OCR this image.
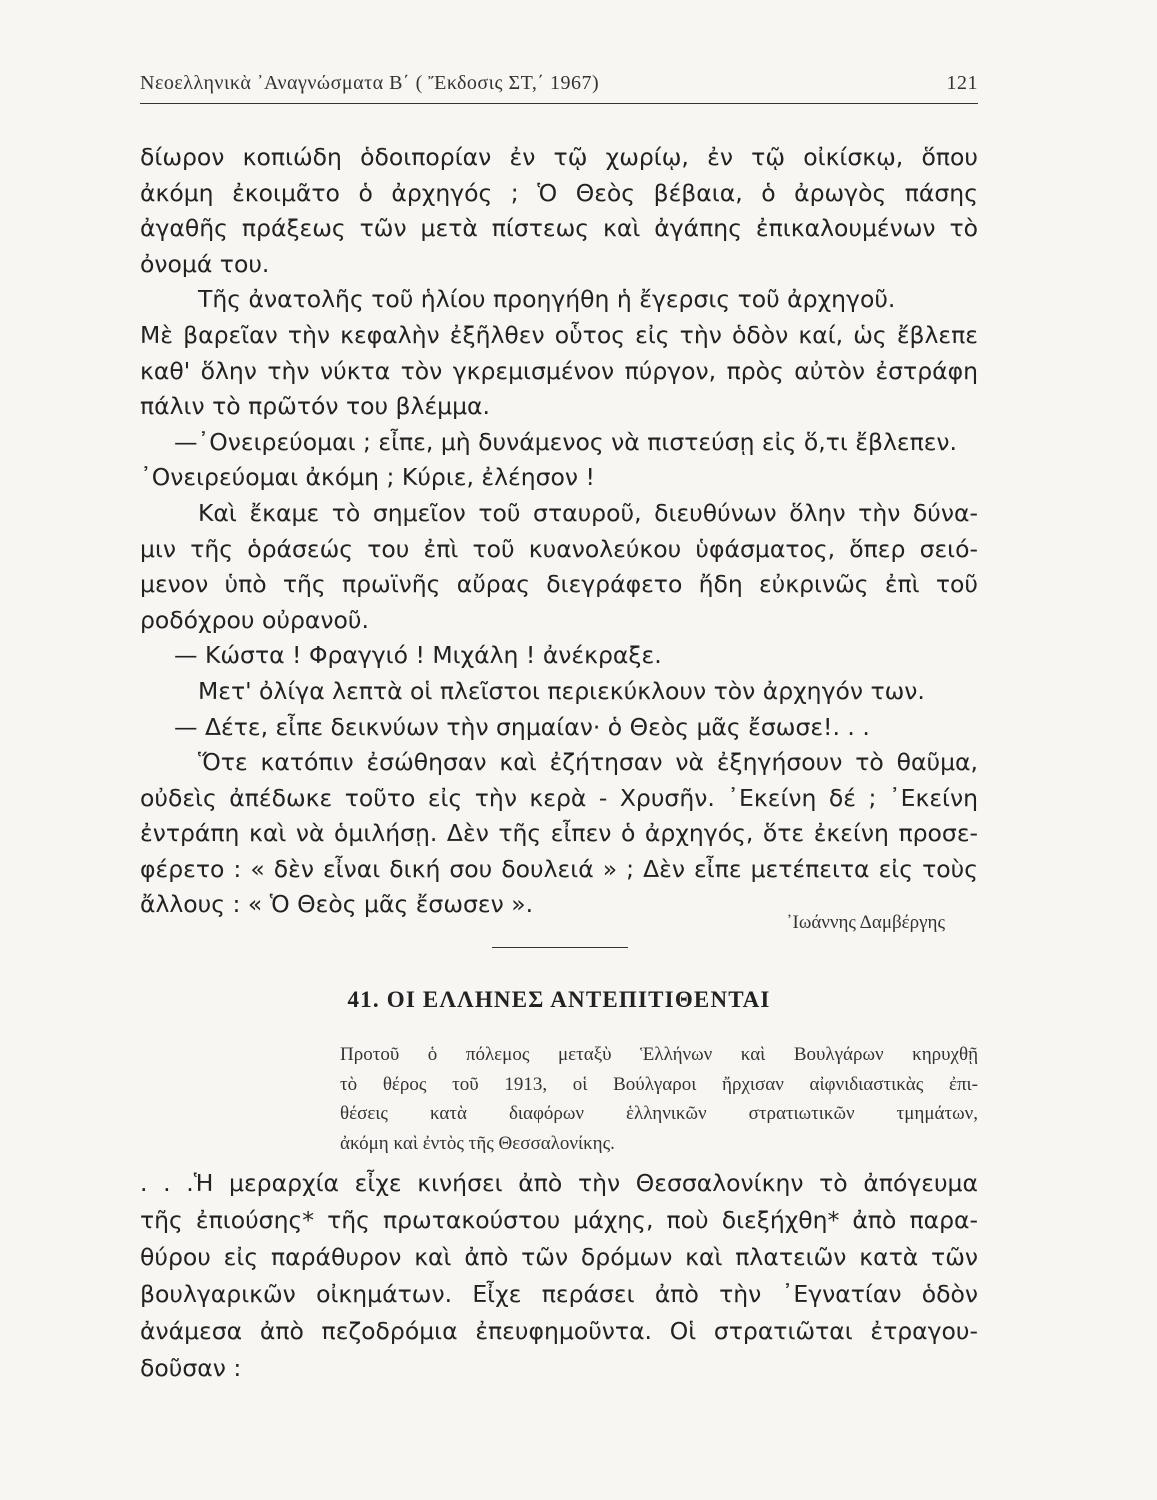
Νεοελληνικὰ ᾿Αναγνώσματα Β΄ ( Ἔκδοσις ΣΤ,΄ 1967)	121
δίωρον κοπιώδη ὁδοιπορίαν ἐν τῷ χωρίῳ, ἐν τῷ οἰκίσκῳ, ὅπου
ἀκόμη ἐκοιμᾶτο ὁ ἀρχηγός ; Ὁ Θεὸς βέβαια, ὁ ἀρωγὸς πάσης
ἀγαθῆς πράξεως τῶν μετὰ πίστεως καὶ ἀγάπης ἐπικαλουμένων τὸ
ὀνομά του.
Τῆς ἀνατολῆς τοῦ ἡλίου προηγήθη ἡ ἔγερσις τοῦ ἀρχηγοῦ.
Μὲ βαρεῖαν τὴν κεφαλὴν ἐξῆλθεν οὗτος εἰς τὴν ὁδὸν καί, ὡς ἔβλεπε
καθ' ὅλην τὴν νύκτα τὸν γκρεμισμένον πύργον, πρὸς αὐτὸν ἐστράφη
πάλιν τὸ πρῶτόν του βλέμμα.
—᾿Ονειρεύομαι ; εἶπε, μὴ δυνάμενος νὰ πιστεύσῃ εἰς ὅ,τι ἔβλεπεν.
᾿Ονειρεύομαι ἀκόμη ; Κύριε, ἐλέησον !
Καὶ ἔκαμε τὸ σημεῖον τοῦ σταυροῦ, διευθύνων ὅλην τὴν δύνα-
μιν τῆς ὁράσεώς του ἐπὶ τοῦ κυανολεύκου ὑφάσματος, ὅπερ σειό-
μενον ὑπὸ τῆς πρωϊνῆς αὔρας διεγράφετο ἤδη εὐκρινῶς ἐπὶ τοῦ
ροδόχρου οὐρανοῦ.
— Κώστα ! Φραγγιό ! Μιχάλη ! ἀνέκραξε.
Μετ' ὀλίγα λεπτὰ οἱ πλεῖστοι περιεκύκλουν τὸν ἀρχηγόν των.
— Δέτε, εἶπε δεικνύων τὴν σημαίαν· ὁ Θεὸς μᾶς ἔσωσε!. . .
Ὅτε κατόπιν ἐσώθησαν καὶ ἐζήτησαν νὰ ἐξηγήσουν τὸ θαῦμα,
οὐδεὶς ἀπέδωκε τοῦτο εἰς τὴν κερὰ - Χρυσῆν. ᾿Εκείνη δέ ; ᾿Εκείνη
ἐντράπη καὶ νὰ ὁμιλήσῃ. Δὲν τῆς εἶπεν ὁ ἀρχηγός, ὅτε ἐκείνη προσε-
φέρετο : « δὲν εἶναι δική σου δουλειά » ; Δὲν εἶπε μετέπειτα εἰς τοὺς
ἄλλους : « Ὁ Θεὸς μᾶς ἔσωσεν ».
᾿Ιωάννης Δαμβέργης
41. ΟΙ ΕΛΛΗΝΕΣ ΑΝΤΕΠΙΤΙΘΕΝΤΑΙ
Προτοῦ ὁ πόλεμος μεταξὺ Ἑλλήνων καὶ Βουλγάρων κηρυχθῇ
τὸ θέρος τοῦ 1913, οἱ Βούλγαροι ἤρχισαν αἰφνιδιαστικὰς ἐπι-
θέσεις κατὰ διαφόρων ἑλληνικῶν στρατιωτικῶν τμημάτων,
ἀκόμη καὶ ἐντὸς τῆς Θεσσαλονίκης.
. . .Ἡ μεραρχία εἶχε κινήσει ἀπὸ τὴν Θεσσαλονίκην τὸ ἀπόγευμα
τῆς ἐπιούσης* τῆς πρωτακούστου μάχης, ποὺ διεξήχθη* ἀπὸ παρα-
θύρου εἰς παράθυρον καὶ ἀπὸ τῶν δρόμων καὶ πλατειῶν κατὰ τῶν
βουλγαρικῶν οἰκημάτων. Εἶχε περάσει ἀπὸ τὴν ᾿Εγνατίαν ὁδὸν
ἀνάμεσα ἀπὸ πεζοδρόμια ἐπευφημοῦντα. Οἱ στρατιῶται ἐτραγου-
δοῦσαν :
